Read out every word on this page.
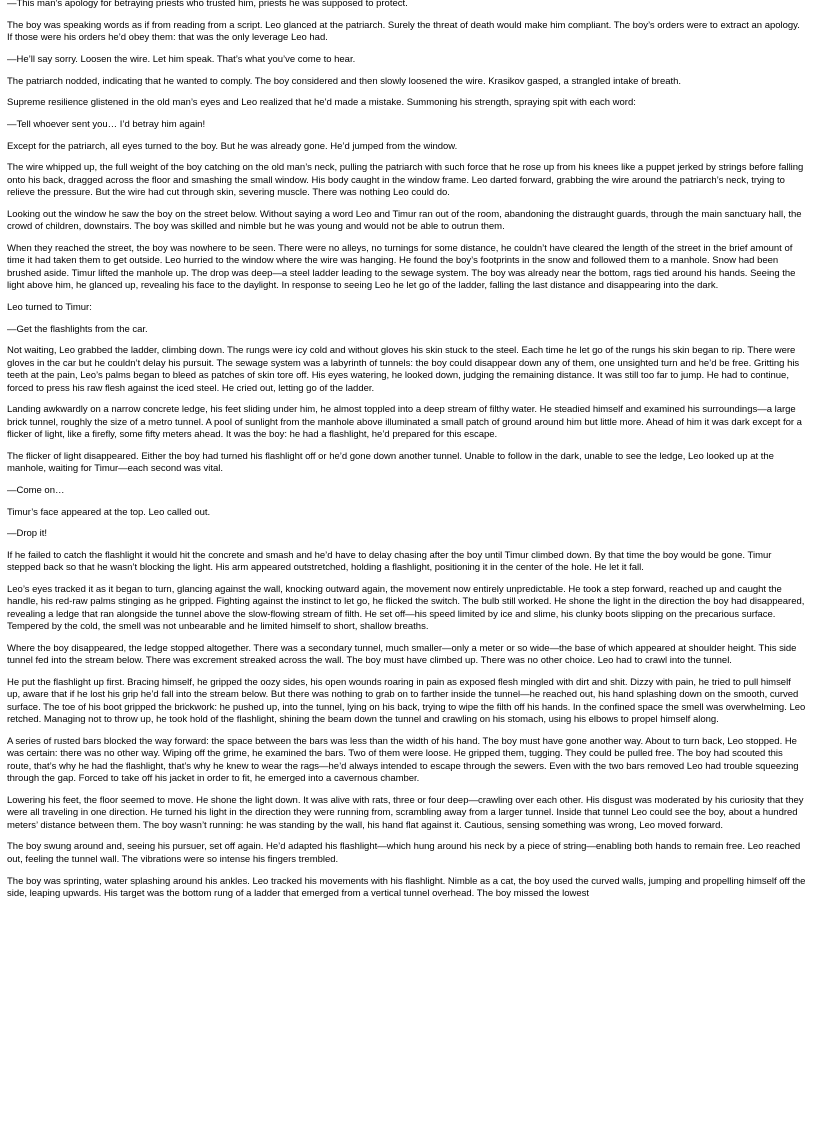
—This man’s apology for betraying priests who trusted him, priests he was supposed to protect.

The boy was speaking words as if from reading from a script. Leo glanced at the patriarch. Surely the threat of death would make him compliant. The boy’s orders were to extract an apology. If those were his orders he’d obey them: that was the only leverage Leo had.

—He’ll say sorry. Loosen the wire. Let him speak. That’s what you’ve come to hear.

The patriarch nodded, indicating that he wanted to comply. The boy considered and then slowly loosened the wire. Krasikov gasped, a strangled intake of breath.

Supreme resilience glistened in the old man’s eyes and Leo realized that he’d made a mistake. Summoning his strength, spraying spit with each word:

—Tell whoever sent you… I’d betray him again!

Except for the patriarch, all eyes turned to the boy. But he was already gone. He’d jumped from the window.

The wire whipped up, the full weight of the boy catching on the old man’s neck, pulling the patriarch with such force that he rose up from his knees like a puppet jerked by strings before falling onto his back, dragged across the floor and smashing the small window. His body caught in the window frame. Leo darted forward, grabbing the wire around the patriarch’s neck, trying to relieve the pressure. But the wire had cut through skin, severing muscle. There was nothing Leo could do.

Looking out the window he saw the boy on the street below. Without saying a word Leo and Timur ran out of the room, abandoning the distraught guards, through the main sanctuary hall, the crowd of children, downstairs. The boy was skilled and nimble but he was young and would not be able to outrun them.

When they reached the street, the boy was nowhere to be seen. There were no alleys, no turnings for some distance, he couldn’t have cleared the length of the street in the brief amount of time it had taken them to get outside. Leo hurried to the window where the wire was hanging. He found the boy’s footprints in the snow and followed them to a manhole. Snow had been brushed aside. Timur lifted the manhole up. The drop was deep—a steel ladder leading to the sewage system. The boy was already near the bottom, rags tied around his hands. Seeing the light above him, he glanced up, revealing his face to the daylight. In response to seeing Leo he let go of the ladder, falling the last distance and disappearing into the dark.

Leo turned to Timur:

—Get the flashlights from the car.

Not waiting, Leo grabbed the ladder, climbing down. The rungs were icy cold and without gloves his skin stuck to the steel. Each time he let go of the rungs his skin began to rip. There were gloves in the car but he couldn’t delay his pursuit. The sewage system was a labyrinth of tunnels: the boy could disappear down any of them, one unsighted turn and he’d be free. Gritting his teeth at the pain, Leo’s palms began to bleed as patches of skin tore off. His eyes watering, he looked down, judging the remaining distance. It was still too far to jump. He had to continue, forced to press his raw flesh against the iced steel. He cried out, letting go of the ladder.

Landing awkwardly on a narrow concrete ledge, his feet sliding under him, he almost toppled into a deep stream of filthy water. He steadied himself and examined his surroundings—a large brick tunnel, roughly the size of a metro tunnel. A pool of sunlight from the manhole above illuminated a small patch of ground around him but little more. Ahead of him it was dark except for a flicker of light, like a firefly, some fifty meters ahead. It was the boy: he had a flashlight, he’d prepared for this escape.

The flicker of light disappeared. Either the boy had turned his flashlight off or he’d gone down another tunnel. Unable to follow in the dark, unable to see the ledge, Leo looked up at the manhole, waiting for Timur—each second was vital.

—Come on…

Timur’s face appeared at the top. Leo called out.

—Drop it!

If he failed to catch the flashlight it would hit the concrete and smash and he’d have to delay chasing after the boy until Timur climbed down. By that time the boy would be gone. Timur stepped back so that he wasn’t blocking the light. His arm appeared outstretched, holding a flashlight, positioning it in the center of the hole. He let it fall.

Leo’s eyes tracked it as it began to turn, glancing against the wall, knocking outward again, the movement now entirely unpredictable. He took a step forward, reached up and caught the handle, his red-raw palms stinging as he gripped. Fighting against the instinct to let go, he flicked the switch. The bulb still worked. He shone the light in the direction the boy had disappeared, revealing a ledge that ran alongside the tunnel above the slow-flowing stream of filth. He set off—his speed limited by ice and slime, his clunky boots slipping on the precarious surface. Tempered by the cold, the smell was not unbearable and he limited himself to short, shallow breaths.

Where the boy disappeared, the ledge stopped altogether. There was a secondary tunnel, much smaller—only a meter or so wide—the base of which appeared at shoulder height. This side tunnel fed into the stream below. There was excrement streaked across the wall. The boy must have climbed up. There was no other choice. Leo had to crawl into the tunnel.

He put the flashlight up first. Bracing himself, he gripped the oozy sides, his open wounds roaring in pain as exposed flesh mingled with dirt and shit. Dizzy with pain, he tried to pull himself up, aware that if he lost his grip he’d fall into the stream below. But there was nothing to grab on to farther inside the tunnel—he reached out, his hand splashing down on the smooth, curved surface. The toe of his boot gripped the brickwork: he pushed up, into the tunnel, lying on his back, trying to wipe the filth off his hands. In the confined space the smell was overwhelming. Leo retched. Managing not to throw up, he took hold of the flashlight, shining the beam down the tunnel and crawling on his stomach, using his elbows to propel himself along.

A series of rusted bars blocked the way forward: the space between the bars was less than the width of his hand. The boy must have gone another way. About to turn back, Leo stopped. He was certain: there was no other way. Wiping off the grime, he examined the bars. Two of them were loose. He gripped them, tugging. They could be pulled free. The boy had scouted this route, that’s why he had the flashlight, that’s why he knew to wear the rags—he’d always intended to escape through the sewers. Even with the two bars removed Leo had trouble squeezing through the gap. Forced to take off his jacket in order to fit, he emerged into a cavernous chamber.

Lowering his feet, the floor seemed to move. He shone the light down. It was alive with rats, three or four deep—crawling over each other. His disgust was moderated by his curiosity that they were all traveling in one direction. He turned his light in the direction they were running from, scrambling away from a larger tunnel. Inside that tunnel Leo could see the boy, about a hundred meters’ distance between them. The boy wasn’t running: he was standing by the wall, his hand flat against it. Cautious, sensing something was wrong, Leo moved forward.

The boy swung around and, seeing his pursuer, set off again. He’d adapted his flashlight—which hung around his neck by a piece of string—enabling both hands to remain free. Leo reached out, feeling the tunnel wall. The vibrations were so intense his fingers trembled.

The boy was sprinting, water splashing around his ankles. Leo tracked his movements with his flashlight. Nimble as a cat, the boy used the curved walls, jumping and propelling himself off the side, leaping upwards. His target was the bottom rung of a ladder that emerged from a vertical tunnel overhead. The boy missed the lowest
